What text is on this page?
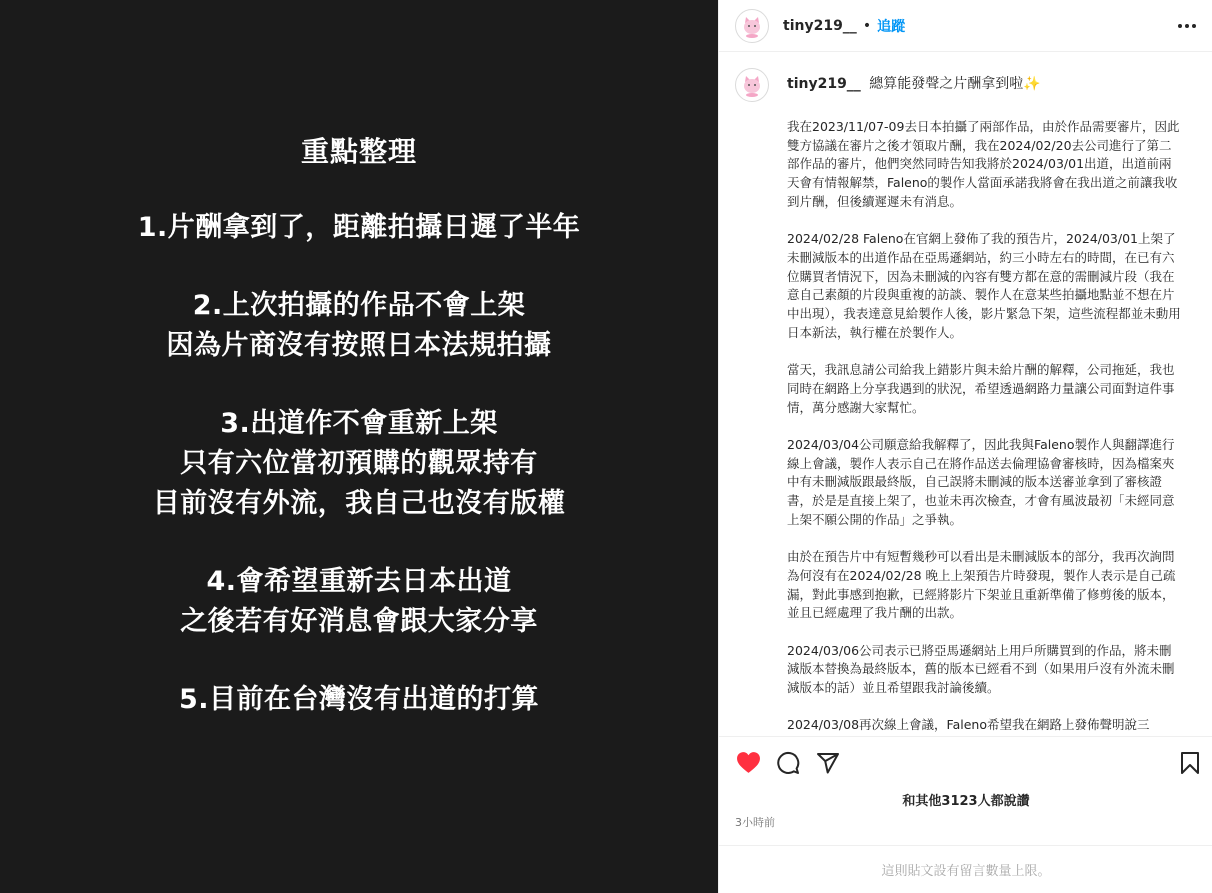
重點整理
1.片酬拿到了，距離拍攝日遲了半年
2.上次拍攝的作品不會上架
因為片商沒有按照日本法規拍攝
3.出道作不會重新上架
只有六位當初預購的觀眾持有
目前沒有外流，我自己也沒有版權
4.會希望重新去日本出道
之後若有好消息會跟大家分享
5.目前在台灣沒有出道的打算
tiny219__ • 追蹤
tiny219__ 總算能發聲之片酬拿到啦✨

我在2023/11/07-09去日本拍攝了兩部作品，由於作品需要審片，因此雙方協議在審片之後才領取片酬，我在2024/02/20去公司進行了第二部作品的審片，他們突然同時告知我將於2024/03/01出道，出道前兩天會有情報解禁，Faleno的製作人當面承諾我將會在我出道之前讓我收到片酬，但後續遲遲未有消息。

2024/02/28 Faleno在官網上發佈了我的預告片，2024/03/01上架了未刪減版本的出道作品在亞馬遜網站，約三小時左右的時間，在已有六位購買者情況下，因為未刪減的內容有雙方都在意的需刪減片段（我在意自己素顏的片段與重複的訪談、製作人在意某些拍攝地點並不想在片中出現），我表達意見給製作人後，影片緊急下架，這些流程都並未動用日本新法，執行權在於製作人。

當天，我訊息請公司給我上錯影片與未給片酬的解釋，公司拖延，我也同時在網路上分享我遇到的狀況，希望透過網路力量讓公司面對這件事情，萬分感謝大家幫忙。

2024/03/04公司願意給我解釋了，因此我與Faleno製作人與翻譯進行線上會議，製作人表示自己在將作品送去倫理協會審核時，因為檔案夾中有未刪減版跟最終版，自己誤將未刪減的版本送審並拿到了審核證書，於是是直接上架了，也並未再次檢查，才會有風波最初「未經同意上架不願公開的作品」之爭執。

由於在預告片中有短暫幾秒可以看出是未刪減版本的部分，我再次詢問為何沒有在2024/02/28 晚上上架預告片時發現，製作人表示是自己疏漏，對此事感到抱歉，已經將影片下架並且重新準備了修剪後的版本，並且已經處理了我片酬的出款。

2024/03/06公司表示已將亞馬遜網站上用戶所購買到的作品，將未刪減版本替換為最終版本，舊的版本已經看不到（如果用戶沒有外流未刪減版本的話）並且希望跟我討論後續。

2024/03/08再次線上會議，Faleno希望我在網路上發佈聲明說三

和其他3123人都說讚
3小時前
這則貼文設有留言數量上限。
